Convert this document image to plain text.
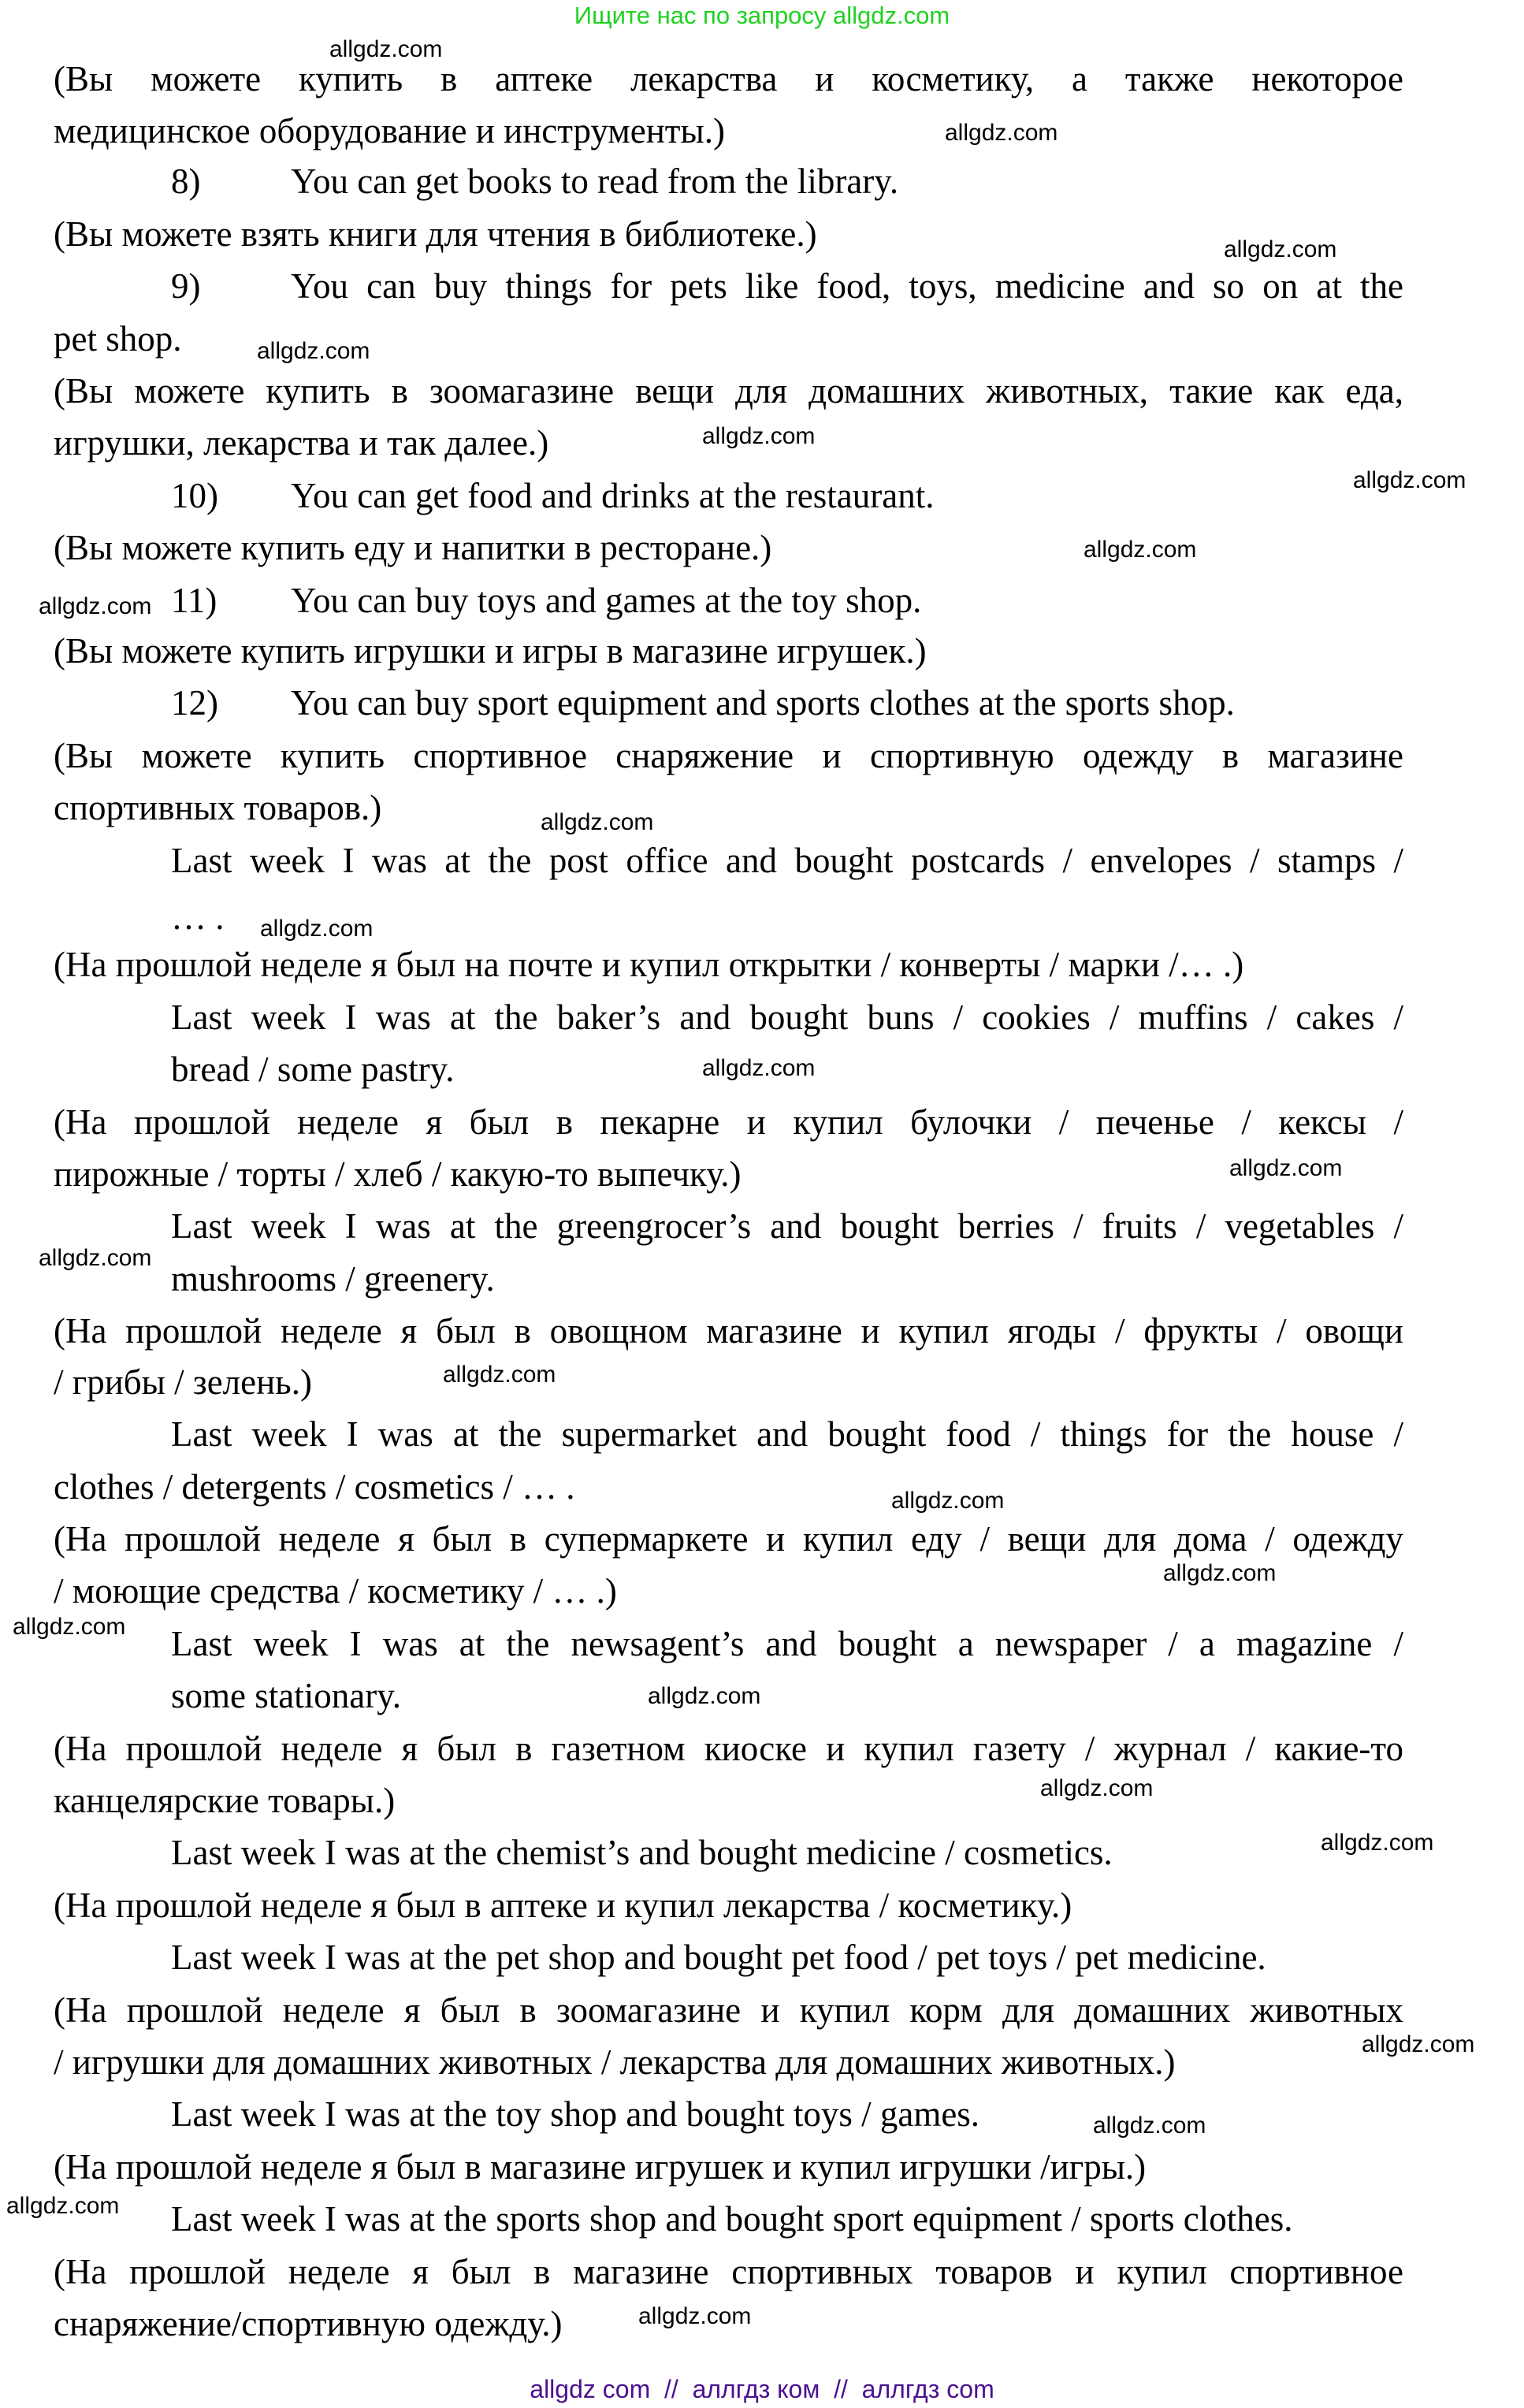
Ищите нас по запросу allgdz.com
(Вы можете купить в аптеке лекарства и косметику, а также некоторое
медицинское оборудование и инструменты.)
8)	You can get books to read from the library.
(Вы можете взять книги для чтения в библиотеке.)
9)	You can buy things for pets like food, toys, medicine and so on at the
pet shop.
(Вы можете купить в зоомагазине вещи для домашних животных, такие как еда,
игрушки, лекарства и так далее.)
10) You can get food and drinks at the restaurant.
(Вы можете купить еду и напитки в ресторане.)
11) You can buy toys and games at the toy shop.
(Вы можете купить игрушки и игры в магазине игрушек.)
12) You can buy sport equipment and sports clothes at the sports shop.
(Вы можете купить спортивное снаряжение и спортивную одежду в магазине
спортивных товаров.)
Last week I was at the post office and bought postcards / envelopes / stamps /
… .
(На прошлой неделе я был на почте и купил открытки / конверты / марки /… .)
Last week I was at the baker’s and bought buns / cookies / muffins / cakes /
bread / some pastry.
(На прошлой неделе я был в пекарне и купил булочки / печенье / кексы /
пирожные / торты / хлеб / какую-то выпечку.)
Last week I was at the greengrocer’s and bought berries / fruits / vegetables /
mushrooms / greenery.
(На прошлой неделе я был в овощном магазине и купил ягоды / фрукты / овощи
/ грибы / зелень.)
Last week I was at the supermarket and bought food / things for the house /
clothes / detergents / cosmetics / … .
(На прошлой неделе я был в супермаркете и купил еду / вещи для дома / одежду
/ моющие средства / косметику / … .)
Last week I was at the newsagent’s and bought a newspaper / a magazine /
some stationary.
(На прошлой неделе я был в газетном киоске и купил газету / журнал / какие-то
канцелярские товары.)
Last week I was at the chemist’s and bought medicine / cosmetics.
(На прошлой неделе я был в аптеке и купил лекарства / косметику.)
Last week I was at the pet shop and bought pet food / pet toys / pet medicine.
(На прошлой неделе я был в зоомагазине и купил корм для домашних животных
/ игрушки для домашних животных / лекарства для домашних животных.)
Last week I was at the toy shop and bought toys / games.
(На прошлой неделе я был в магазине игрушек и купил игрушки /игры.)
Last week I was at the sports shop and bought sport equipment / sports clothes.
(На прошлой неделе я был в магазине спортивных товаров и купил спортивное
снаряжение/спортивную одежду.)
allgdz.com
allgdz.com
allgdz.com
allgdz.com
allgdz.com
allgdz.com
allgdz.com
allgdz.com
allgdz.com
allgdz.com
allgdz.com
allgdz.com
allgdz.com
allgdz.com
allgdz.com
allgdz.com
allgdz.com
allgdz.com
allgdz.com
allgdz.com
allgdz.com
allgdz.com
allgdz.com
allgdz.com
allgdz com  //  аллгдз ком  //  аллгдз com
